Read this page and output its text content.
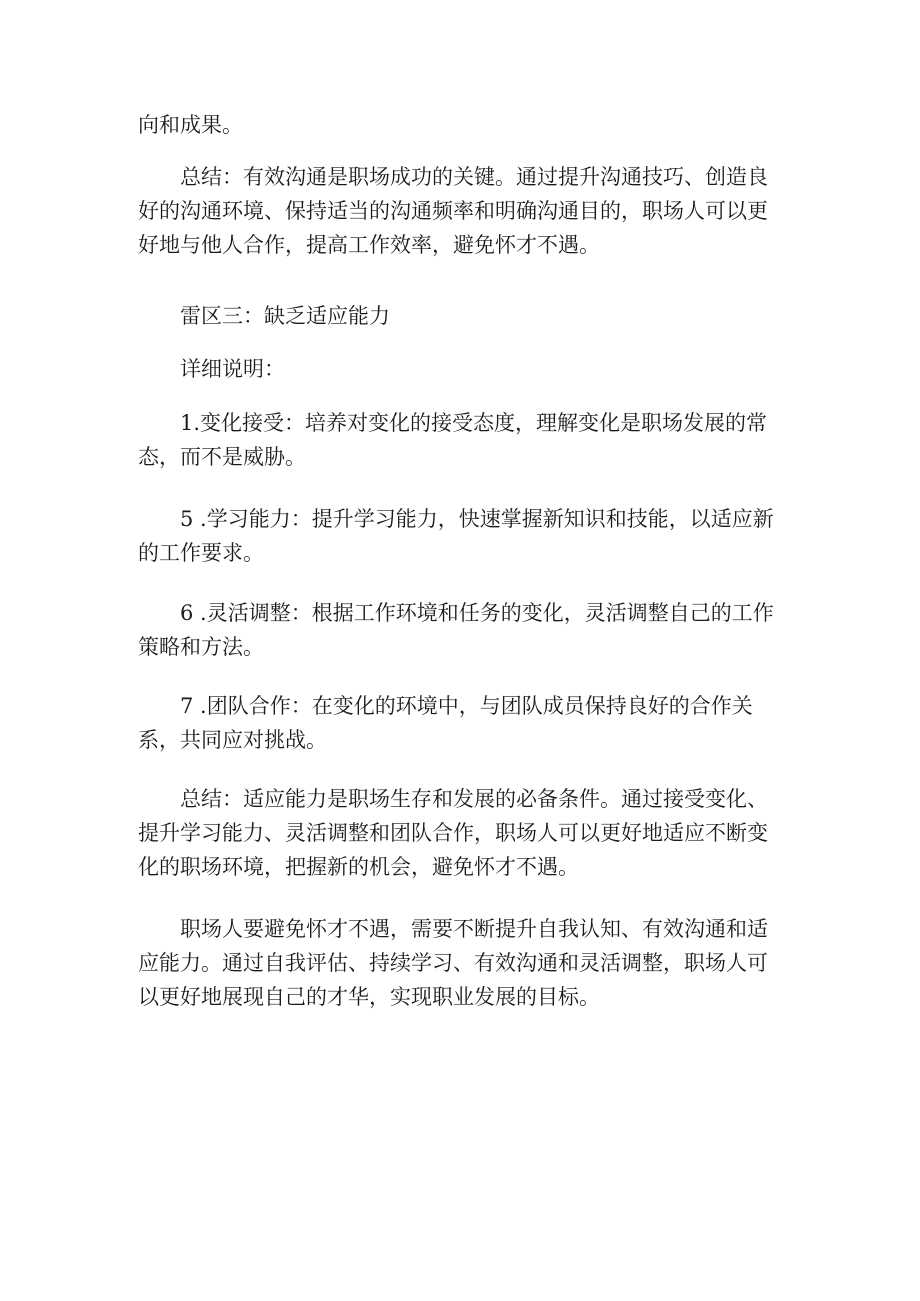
向和成果。

　　总结：有效沟通是职场成功的关键。通过提升沟通技巧、创造良好的沟通环境、保持适当的沟通频率和明确沟通目的，职场人可以更好地与他人合作，提高工作效率，避免怀才不遇。

　　雷区三：缺乏适应能力

　　详细说明：

　　1.变化接受：培养对变化的接受态度，理解变化是职场发展的常态，而不是威胁。

　　5 .学习能力：提升学习能力，快速掌握新知识和技能，以适应新的工作要求。

　　6 .灵活调整：根据工作环境和任务的变化，灵活调整自己的工作策略和方法。

　　7 .团队合作：在变化的环境中，与团队成员保持良好的合作关系，共同应对挑战。

　　总结：适应能力是职场生存和发展的必备条件。通过接受变化、提升学习能力、灵活调整和团队合作，职场人可以更好地适应不断变化的职场环境，把握新的机会，避免怀才不遇。

　　职场人要避免怀才不遇，需要不断提升自我认知、有效沟通和适应能力。通过自我评估、持续学习、有效沟通和灵活调整，职场人可以更好地展现自己的才华，实现职业发展的目标。
